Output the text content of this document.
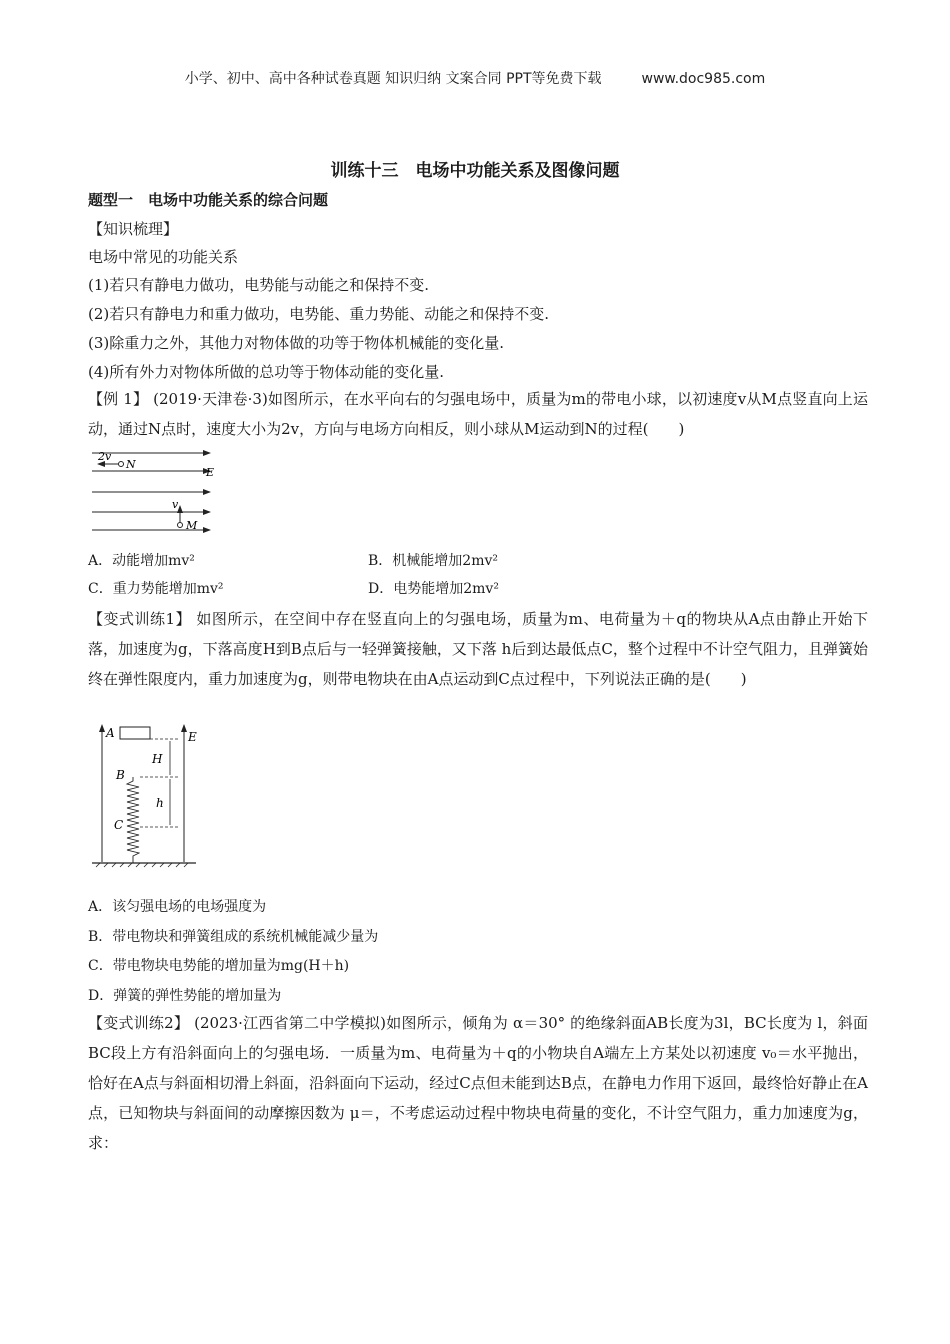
小学、初中、高中各种试卷真题 知识归纳 文案合同 PPT等免费下载	www.doc985.com
训练十三　电场中功能关系及图像问题
题型一　电场中功能关系的综合问题
【知识梳理】
电场中常见的功能关系
(1)若只有静电力做功，电势能与动能之和保持不变.
(2)若只有静电力和重力做功，电势能、重力势能、动能之和保持不变.
(3)除重力之外，其他力对物体做的功等于物体机械能的变化量.
(4)所有外力对物体所做的总功等于物体动能的变化量.
【例 1】 (2019·天津卷·3)如图所示，在水平向右的匀强电场中，质量为m的带电小球，以初速度v从M点竖直向上运动，通过N点时，速度大小为2v，方向与电场方向相反，则小球从M运动到N的过程(　　)
2v
N
E
v
M
A．动能增加mv²	B．机械能增加2mv²
C．重力势能增加mv²	D．电势能增加2mv²
【变式训练1】 如图所示，在空间中存在竖直向上的匀强电场，质量为m、电荷量为＋q的物块从A点由静止开始下落，加速度为g，下落高度H到B点后与一轻弹簧接触，又下落 h后到达最低点C，整个过程中不计空气阻力，且弹簧始终在弹性限度内，重力加速度为g，则带电物块在由A点运动到C点过程中，下列说法正确的是(　　)
A
B
C
E
H
h
A．该匀强电场的电场强度为
B．带电物块和弹簧组成的系统机械能减少量为
C．带电物块电势能的增加量为mg(H＋h)
D．弹簧的弹性势能的增加量为
【变式训练2】 (2023·江西省第二中学模拟)如图所示，倾角为 α＝30° 的绝缘斜面AB长度为3l，BC长度为 l，斜面BC段上方有沿斜面向上的匀强电场．一质量为m、电荷量为＋q的小物块自A端左上方某处以初速度 v₀＝水平抛出，恰好在A点与斜面相切滑上斜面，沿斜面向下运动，经过C点但未能到达B点，在静电力作用下返回，最终恰好静止在A点，已知物块与斜面间的动摩擦因数为 μ＝，不考虑运动过程中物块电荷量的变化，不计空气阻力，重力加速度为g，求：
